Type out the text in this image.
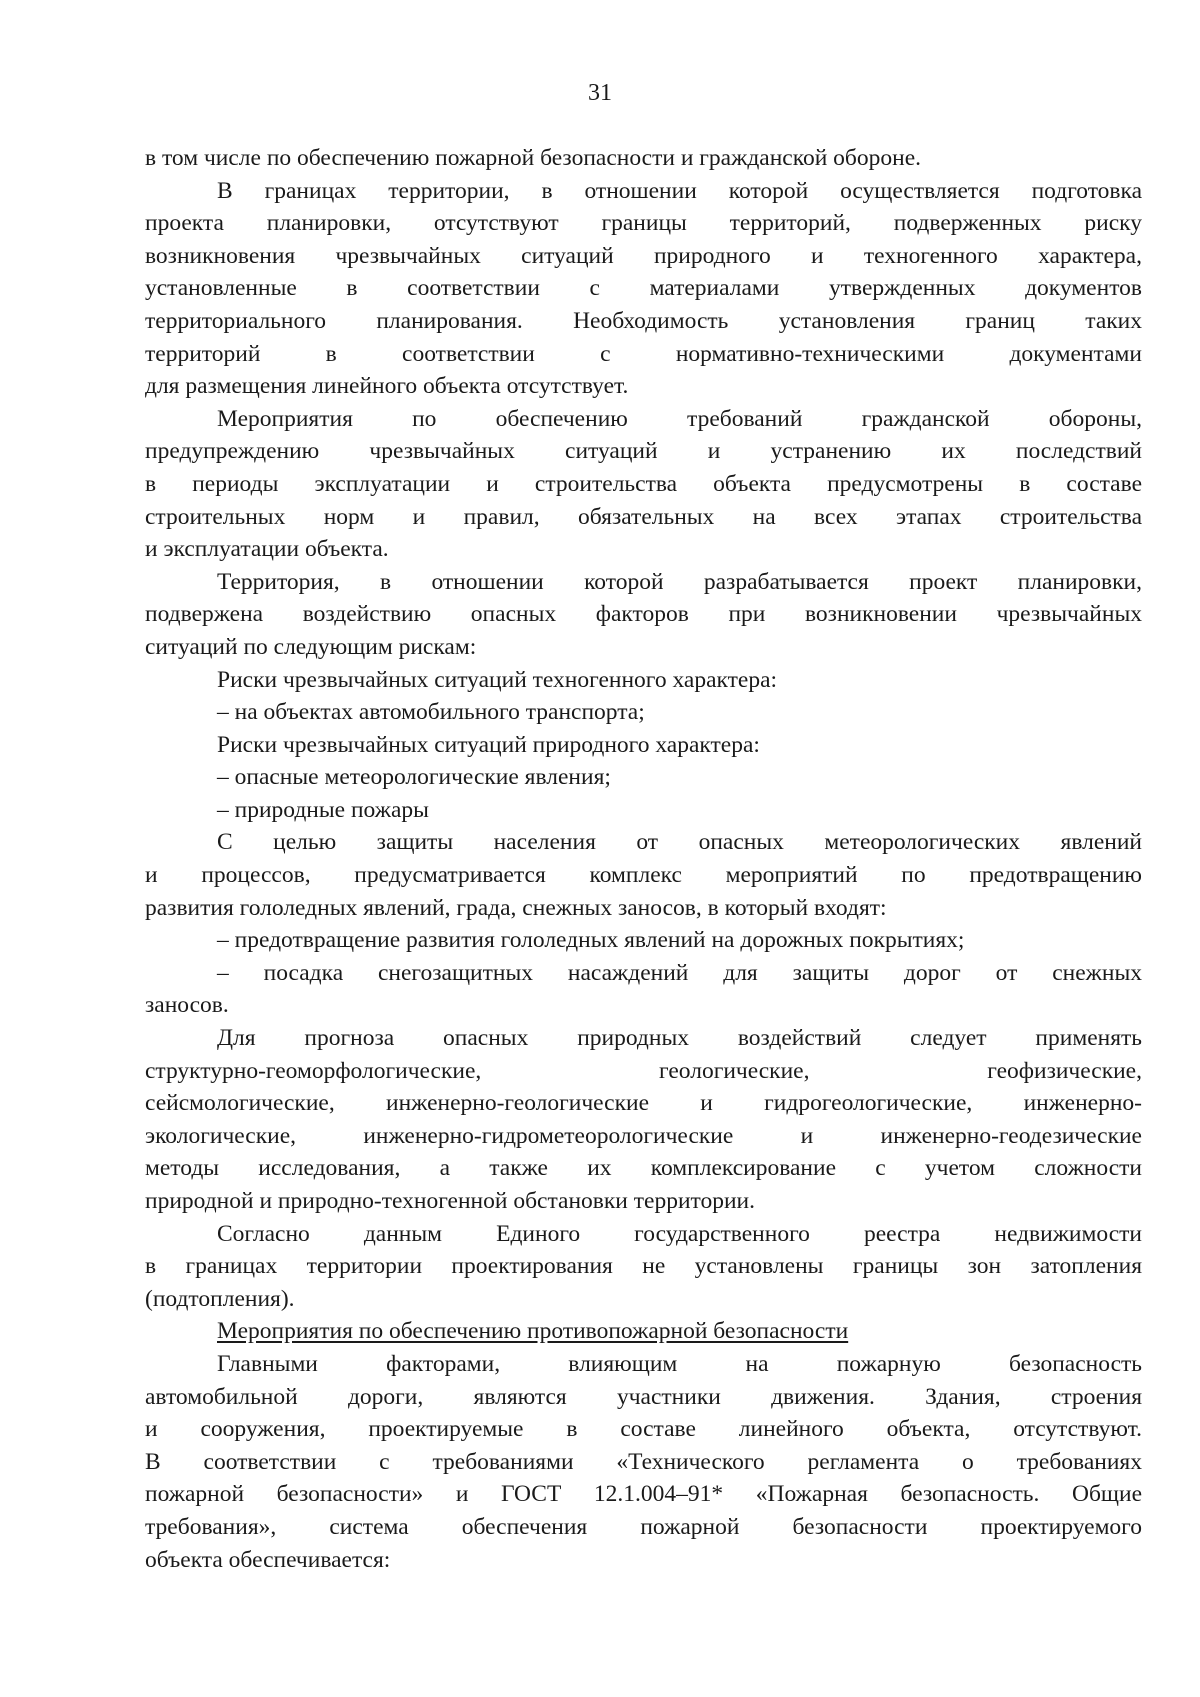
31
в том числе по обеспечению пожарной безопасности и гражданской обороне.
В границах территории, в отношении которой осуществляется подготовка
проекта планировки, отсутствуют границы территорий, подверженных риску
возникновения чрезвычайных ситуаций природного и техногенного характера,
установленные в соответствии с материалами утвержденных документов
территориального планирования. Необходимость установления границ таких
территорий в соответствии с нормативно-техническими документами
для размещения линейного объекта отсутствует.
Мероприятия по обеспечению требований гражданской обороны,
предупреждению чрезвычайных ситуаций и устранению их последствий
в периоды эксплуатации и строительства объекта предусмотрены в составе
строительных норм и правил, обязательных на всех этапах строительства
и эксплуатации объекта.
Территория, в отношении которой разрабатывается проект планировки,
подвержена воздействию опасных факторов при возникновении чрезвычайных
ситуаций по следующим рискам:
Риски чрезвычайных ситуаций техногенного характера:
– на объектах автомобильного транспорта;
Риски чрезвычайных ситуаций природного характера:
– опасные метеорологические явления;
– природные пожары
С целью защиты населения от опасных метеорологических явлений
и процессов, предусматривается комплекс мероприятий по предотвращению
развития гололедных явлений, града, снежных заносов, в который входят:
– предотвращение развития гололедных явлений на дорожных покрытиях;
– посадка снегозащитных насаждений для защиты дорог от снежных
заносов.
Для прогноза опасных природных воздействий следует применять
структурно-геоморфологические, геологические, геофизические,
сейсмологические, инженерно-геологические и гидрогеологические, инженерно-
экологические, инженерно-гидрометеорологические и инженерно-геодезические
методы исследования, а также их комплексирование с учетом сложности
природной и природно-техногенной обстановки территории.
Согласно данным Единого государственного реестра недвижимости
в границах территории проектирования не установлены границы зон затопления
(подтопления).
Мероприятия по обеспечению противопожарной безопасности
Главными факторами, влияющим на пожарную безопасность
автомобильной дороги, являются участники движения. Здания, строения
и сооружения, проектируемые в составе линейного объекта, отсутствуют.
В соответствии с требованиями «Технического регламента о требованиях
пожарной безопасности» и ГОСТ 12.1.004–91* «Пожарная безопасность. Общие
требования», система обеспечения пожарной безопасности проектируемого
объекта обеспечивается:
